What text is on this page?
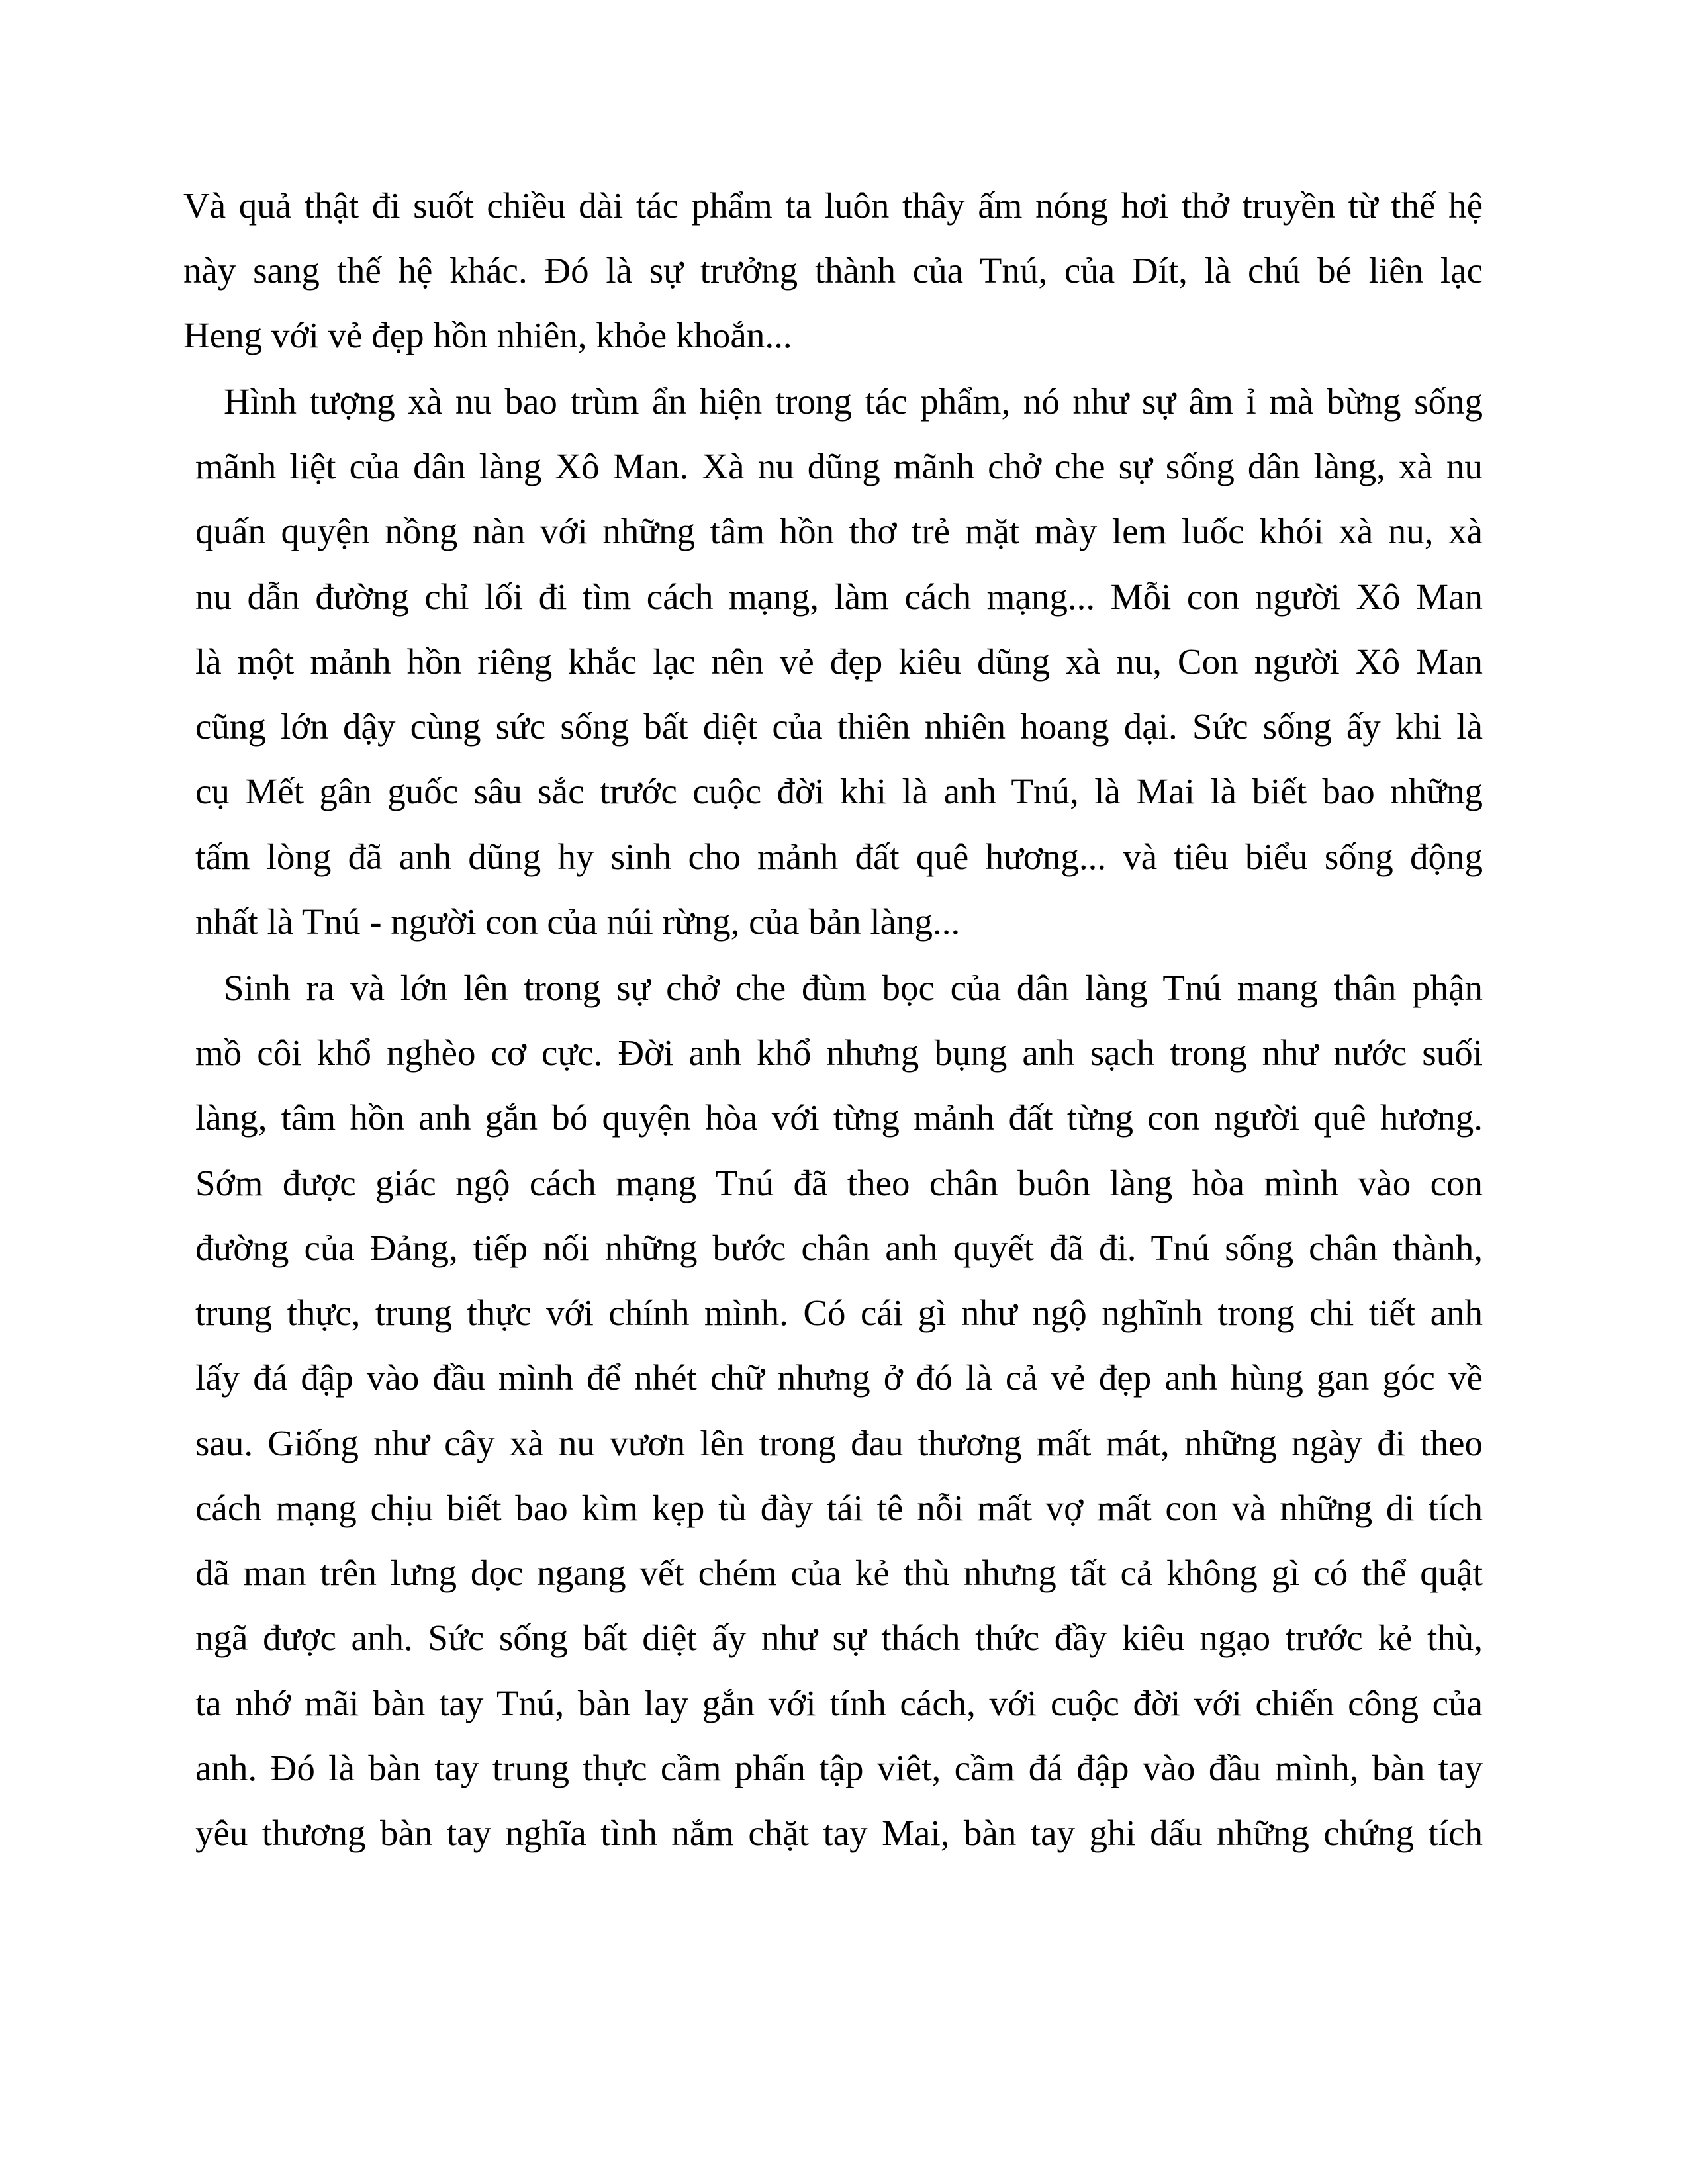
Và quả thật đi suốt chiều dài tác phẩm ta luôn thây ấm nóng hơi thở truyền từ thế hệ
này sang thế hệ khác. Đó là sự trưởng thành của Tnú, của Dít, là chú bé liên lạc
Heng với vẻ đẹp hồn nhiên, khỏe khoắn...
Hình tượng xà nu bao trùm ẩn hiện trong tác phẩm, nó như sự âm ỉ mà bừng sống
mãnh liệt của dân làng Xô Man. Xà nu dũng mãnh chở che sự sống dân làng, xà nu
quấn quyện nồng nàn với những tâm hồn thơ trẻ mặt mày lem luốc khói xà nu, xà
nu dẫn đường chỉ lối đi tìm cách mạng, làm cách mạng... Mỗi con người Xô Man
là một mảnh hồn riêng khắc lạc nên vẻ đẹp kiêu dũng xà nu, Con người Xô Man
cũng lớn dậy cùng sức sống bất diệt của thiên nhiên hoang dại. Sức sống ấy khi là
cụ Mết gân guốc sâu sắc trước cuộc đời khi là anh Tnú, là Mai là biết bao những
tấm lòng đã anh dũng hy sinh cho mảnh đất quê hương... và tiêu biểu sống động
nhất là Tnú - người con của núi rừng, của bản làng...
Sinh ra và lớn lên trong sự chở che đùm bọc của dân làng Tnú mang thân phận
mồ côi khổ nghèo cơ cực. Đời anh khổ nhưng bụng anh sạch trong như nước suối
làng, tâm hồn anh gắn bó quyện hòa với từng mảnh đất từng con người quê hương.
Sớm được giác ngộ cách mạng Tnú đã theo chân buôn làng hòa mình vào con
đường của Đảng, tiếp nối những bước chân anh quyết đã đi. Tnú sống chân thành,
trung thực, trung thực với chính mình. Có cái gì như ngộ nghĩnh trong chi tiết anh
lấy đá đập vào đầu mình để nhét chữ nhưng ở đó là cả vẻ đẹp anh hùng gan góc về
sau. Giống như cây xà nu vươn lên trong đau thương mất mát, những ngày đi theo
cách mạng chịu biết bao kìm kẹp tù đày tái tê nỗi mất vợ mất con và những di tích
dã man trên lưng dọc ngang vết chém của kẻ thù nhưng tất cả không gì có thể quật
ngã được anh. Sức sống bất diệt ấy như sự thách thức đầy kiêu ngạo trước kẻ thù,
ta nhớ mãi bàn tay Tnú, bàn lay gắn với tính cách, với cuộc đời với chiến công của
anh. Đó là bàn tay trung thực cầm phấn tập viêt, cầm đá đập vào đầu mình, bàn tay
yêu thương bàn tay nghĩa tình nắm chặt tay Mai, bàn tay ghi dấu những chứng tích
